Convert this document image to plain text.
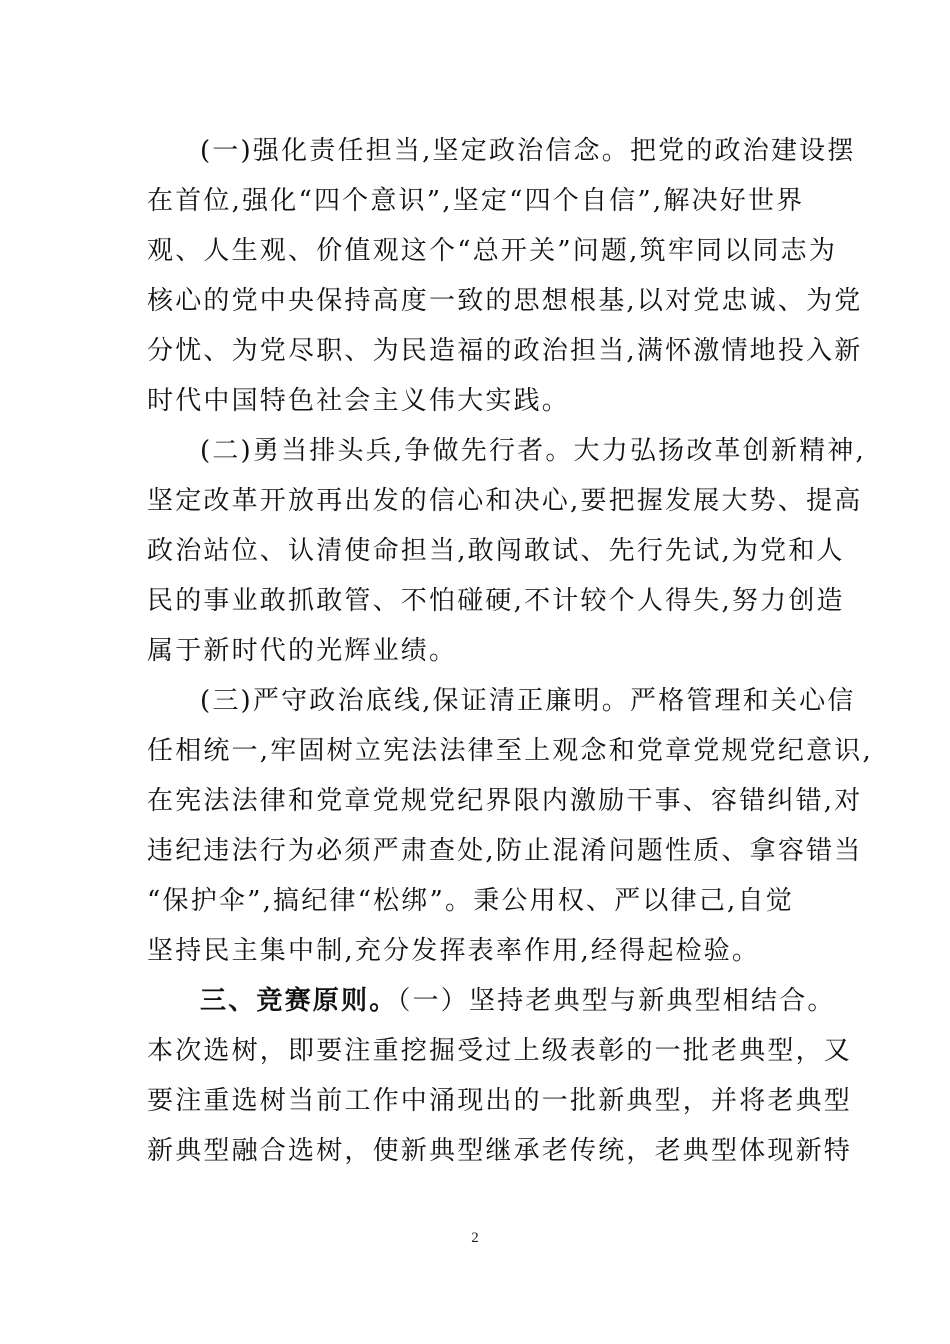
(一)强化责任担当,坚定政治信念。把党的政治建设摆
在首位,强化“四个意识”,坚定“四个自信”,解决好世界
观、人生观、价值观这个“总开关”问题,筑牢同以同志为
核心的党中央保持高度一致的思想根基,以对党忠诚、为党
分忧、为党尽职、为民造福的政治担当,满怀激情地投入新
时代中国特色社会主义伟大实践。
(二)勇当排头兵,争做先行者。大力弘扬改革创新精神,
坚定改革开放再出发的信心和决心,要把握发展大势、提高
政治站位、认清使命担当,敢闯敢试、先行先试,为党和人
民的事业敢抓敢管、不怕碰硬,不计较个人得失,努力创造
属于新时代的光辉业绩。
(三)严守政治底线,保证清正廉明。严格管理和关心信
任相统一,牢固树立宪法法律至上观念和党章党规党纪意识,
在宪法法律和党章党规党纪界限内激励干事、容错纠错,对
违纪违法行为必须严肃查处,防止混淆问题性质、拿容错当
“保护伞”,搞纪律“松绑”。秉公用权、严以律己,自觉
坚持民主集中制,充分发挥表率作用,经得起检验。
三、竞赛原则。（一）坚持老典型与新典型相结合。
本次选树，即要注重挖掘受过上级表彰的一批老典型，又
要注重选树当前工作中涌现出的一批新典型，并将老典型
新典型融合选树，使新典型继承老传统，老典型体现新特
2
